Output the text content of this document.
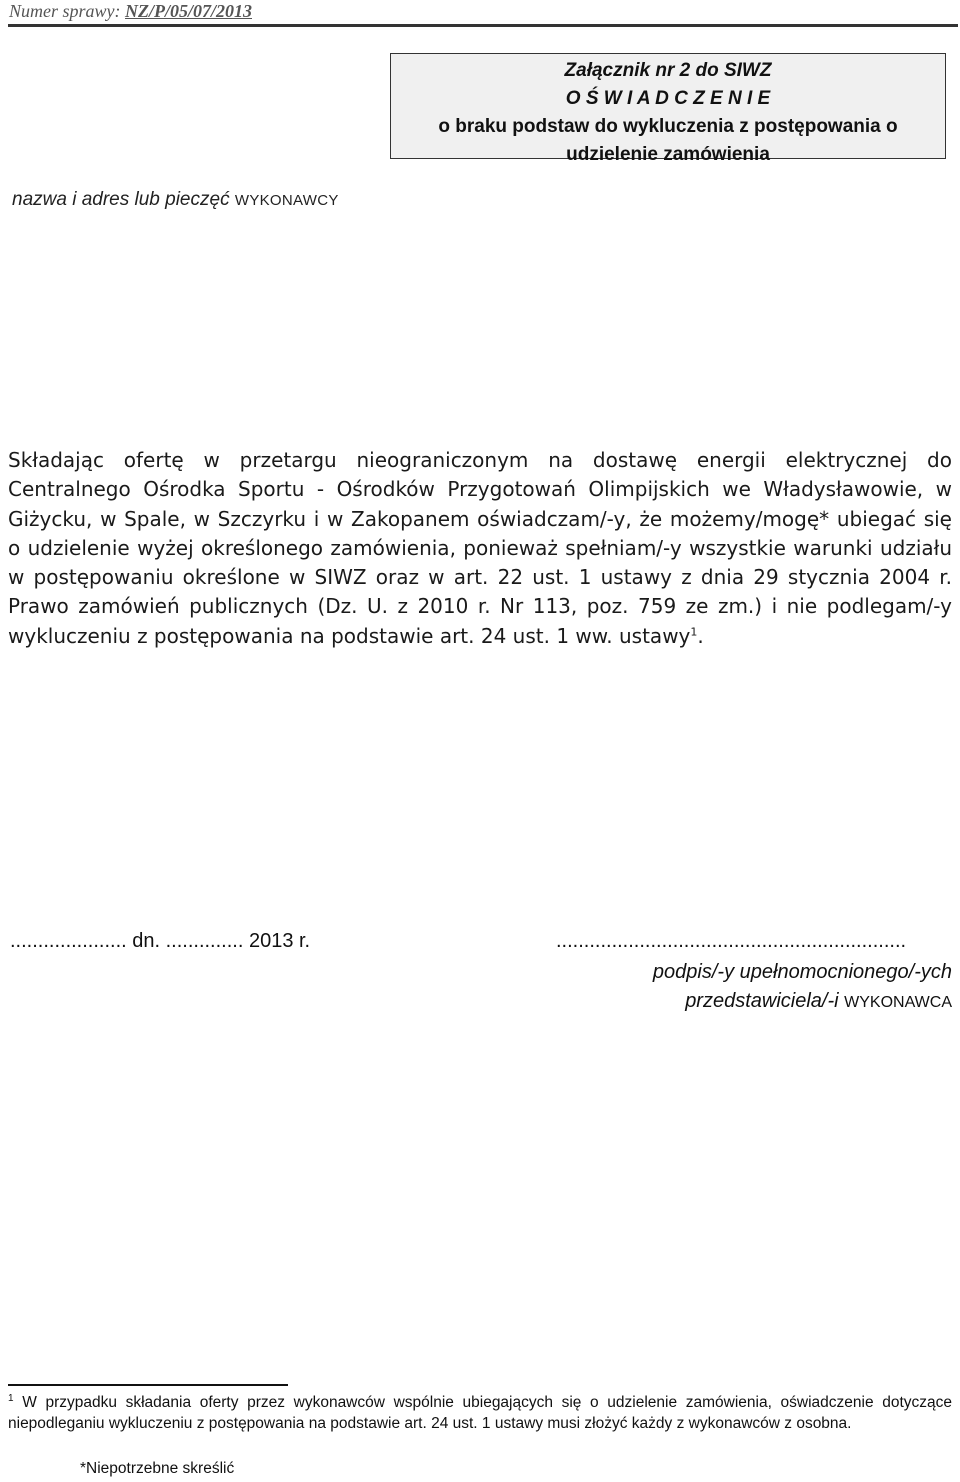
Numer sprawy: NZ/P/05/07/2013
Załącznik nr 2 do SIWZ
O Ś W I A D C Z E N I E
o braku podstaw do wykluczenia z postępowania o
udzielenie zamówienia
nazwa i adres lub pieczęć WYKONAWCY
Składając ofertę w przetargu nieograniczonym na dostawę energii elektrycznej do Centralnego Ośrodka Sportu - Ośrodków Przygotowań Olimpijskich we Władysławowie, w Giżycku, w Spale, w Szczyrku i w Zakopanem oświadczam/-y, że możemy/mogę* ubiegać się o udzielenie wyżej określonego zamówienia, ponieważ spełniam/-y wszystkie warunki udziału w postępowaniu określone w SIWZ oraz w art. 22 ust. 1 ustawy z dnia 29 stycznia 2004 r. Prawo zamówień publicznych (Dz. U. z 2010 r. Nr 113, poz. 759 ze zm.) i nie podlegam/-y wykluczeniu z postępowania na podstawie art. 24 ust. 1 ww. ustawy$^1$.
..................... dn. .............. 2013 r.	...............................................................
podpis/-y upełnomocnionego/-ych
przedstawiciela/-i WYKONAWCA
$^1$ W przypadku składania oferty przez wykonawców wspólnie ubiegających się o udzielenie zamówienia, oświadczenie dotyczące niepodleganiu wykluczeniu z postępowania na podstawie art. 24 ust. 1 ustawy musi złożyć każdy z wykonawców z osobna.
*Niepotrzebne skreślić
